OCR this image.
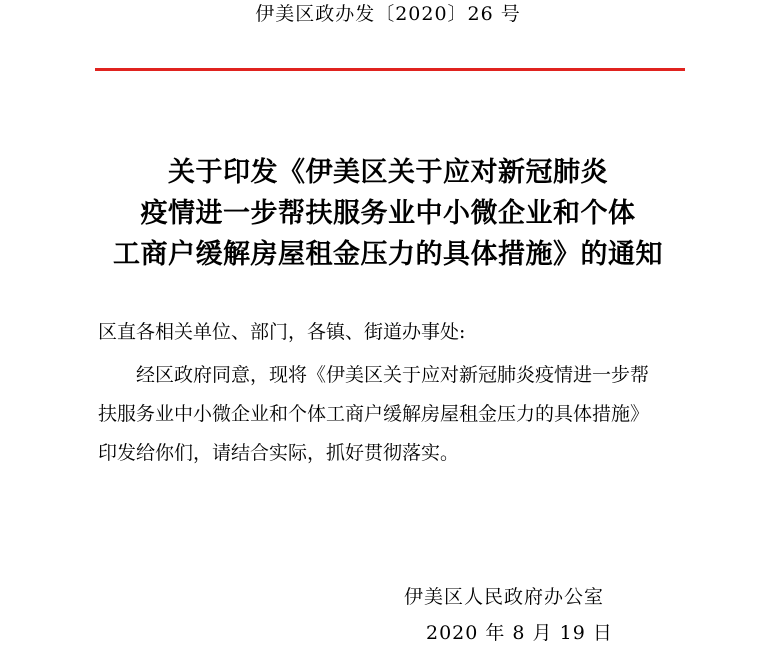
伊美区政办发〔2020〕26 号
关于印发《伊美区关于应对新冠肺炎
疫情进一步帮扶服务业中小微企业和个体
工商户缓解房屋租金压力的具体措施》的通知
区直各相关单位、部门，各镇、街道办事处:
经区政府同意，现将《伊美区关于应对新冠肺炎疫情进一步帮
扶服务业中小微企业和个体工商户缓解房屋租金压力的具体措施》
印发给你们，请结合实际，抓好贯彻落实。
伊美区人民政府办公室
2020 年 8 月 19 日
